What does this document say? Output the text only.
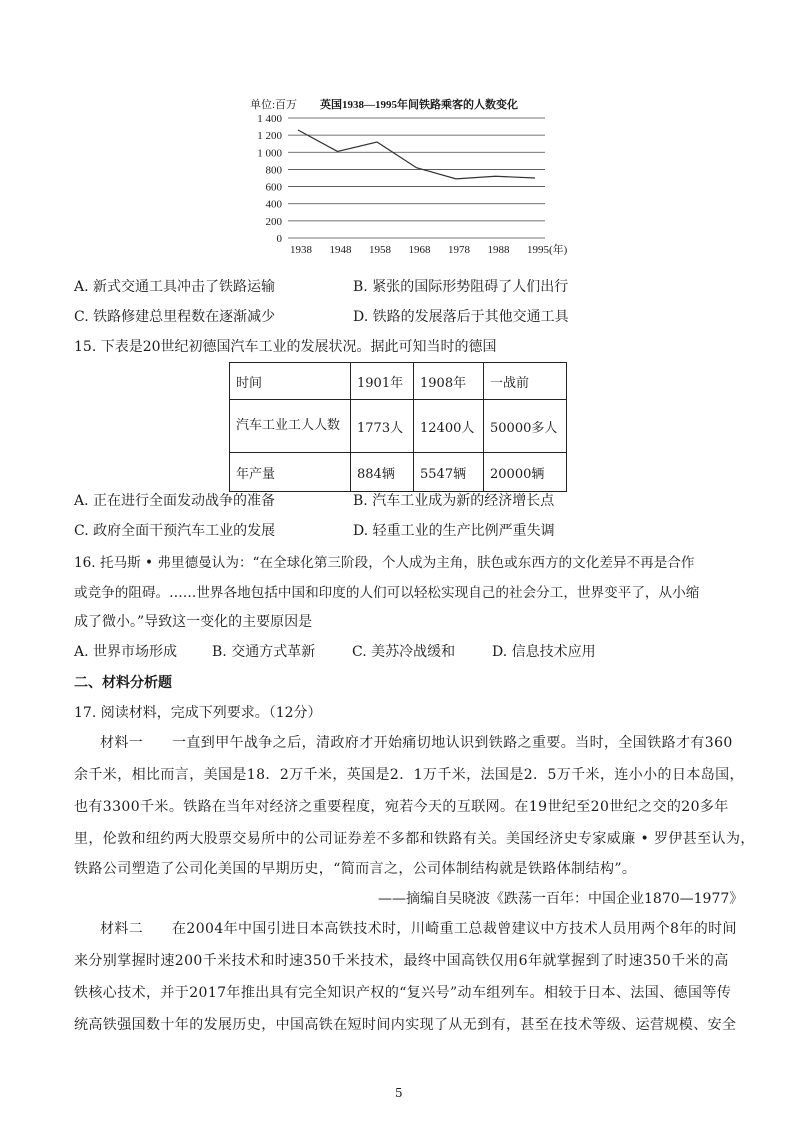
单位:百万 英国1938—1995年间铁路乘客的人数变化
0
200
400
600
800
1 000
1 200
1 400
1938 1948 1958 1968 1978 1988 1995(年)
A. 新式交通工具冲击了铁路运输	B. 紧张的国际形势阻碍了人们出行
C. 铁路修建总里程数在逐渐减少	D. 铁路的发展落后于其他交通工具
15. 下表是20世纪初德国汽车工业的发展状况。据此可知当时的德国
时间	1901年	1908年	一战前
汽车工业工人人数	1773人	12400人	50000多人
年产量	884辆	5547辆	20000辆
A. 正在进行全面发动战争的准备	B. 汽车工业成为新的经济增长点
C. 政府全面干预汽车工业的发展	D. 轻重工业的生产比例严重失调
16. 托马斯 • 弗里德曼认为：“在全球化第三阶段，个人成为主角，肤色或东西方的文化差异不再是合作
或竞争的阻碍。……世界各地包括中国和印度的人们可以轻松实现自己的社会分工，世界变平了，从小缩
成了微小。”导致这一变化的主要原因是
A. 世界市场形成 B. 交通方式革新	C. 美苏冷战缓和	D. 信息技术应用
二、材料分析题
17. 阅读材料，完成下列要求。（12分）
材料一　　一直到甲午战争之后，清政府才开始痛切地认识到铁路之重要。当时，全国铁路才有360
余千米，相比而言，美国是18．2万千米，英国是2．1万千米，法国是2．5万千米，连小小的日本岛国，
也有3300千米。铁路在当年对经济之重要程度，宛若今天的互联网。在19世纪至20世纪之交的20多年
里，伦敦和纽约两大股票交易所中的公司证券差不多都和铁路有关。美国经济史专家威廉 • 罗伊甚至认为，
铁路公司塑造了公司化美国的早期历史，“简而言之，公司体制结构就是铁路体制结构”。
——摘编自吴晓波《跌荡一百年：中国企业1870—1977》
材料二　　在2004年中国引进日本高铁技术时，川崎重工总裁曾建议中方技术人员用两个8年的时间
来分别掌握时速200千米技术和时速350千米技术，最终中国高铁仅用6年就掌握到了时速350千米的高
铁核心技术，并于2017年推出具有完全知识产权的“复兴号”动车组列车。相较于日本、法国、德国等传
统高铁强国数十年的发展历史，中国高铁在短时间内实现了从无到有，甚至在技术等级、运营规模、安全
5
